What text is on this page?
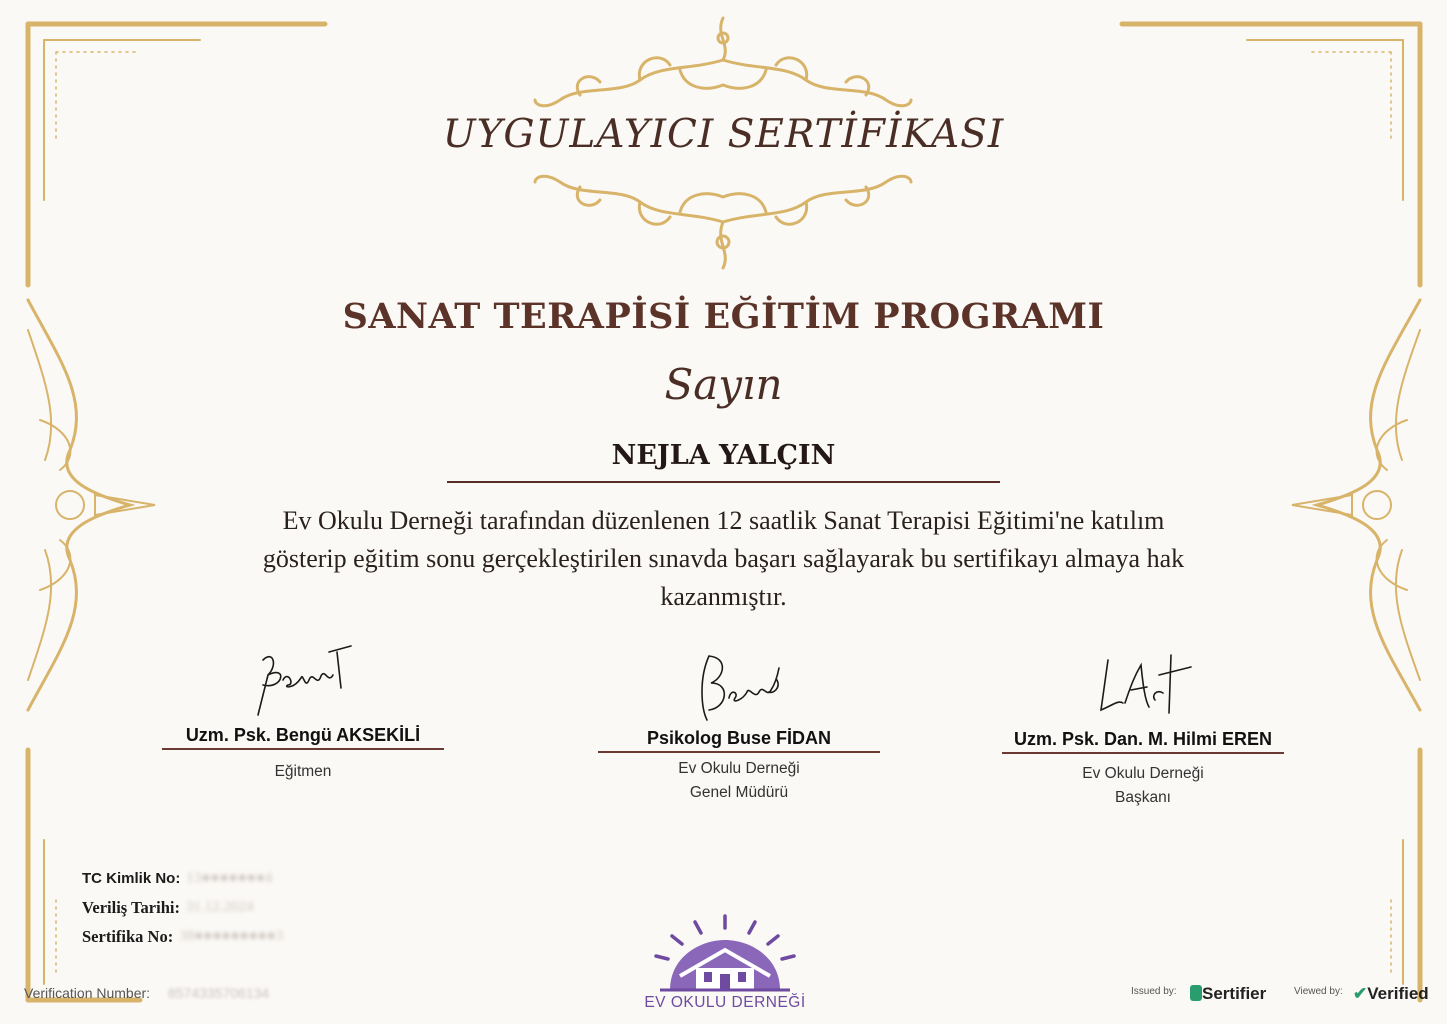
UYGULAYICI SERTİFİKASI
SANAT TERAPİSİ EĞİTİM PROGRAMI
Sayın
NEJLA YALÇIN
Ev Okulu Derneği tarafından düzenlenen 12 saatlik Sanat Terapisi Eğitimi'ne katılım
gösterip eğitim sonu gerçekleştirilen sınavda başarı sağlayarak bu sertifikayı almaya hak
kazanmıştır.
Uzm. Psk. Bengü AKSEKİLİ
Eğitmen
Psikolog Buse FİDAN
Ev Okulu Derneği
Genel Müdürü
Uzm. Psk. Dan. M. Hilmi EREN
Ev Okulu Derneği
Başkanı
TC Kimlik No: 13●●●●●●●4
Veriliş Tarihi: 31.12.2024
Sertifika No: 38●●●●●●●●●3
Verification Number: 8574335706134
EV OKULU DERNEĞİ
Issued by:	Sertifier	Viewed by: ✔Verified
